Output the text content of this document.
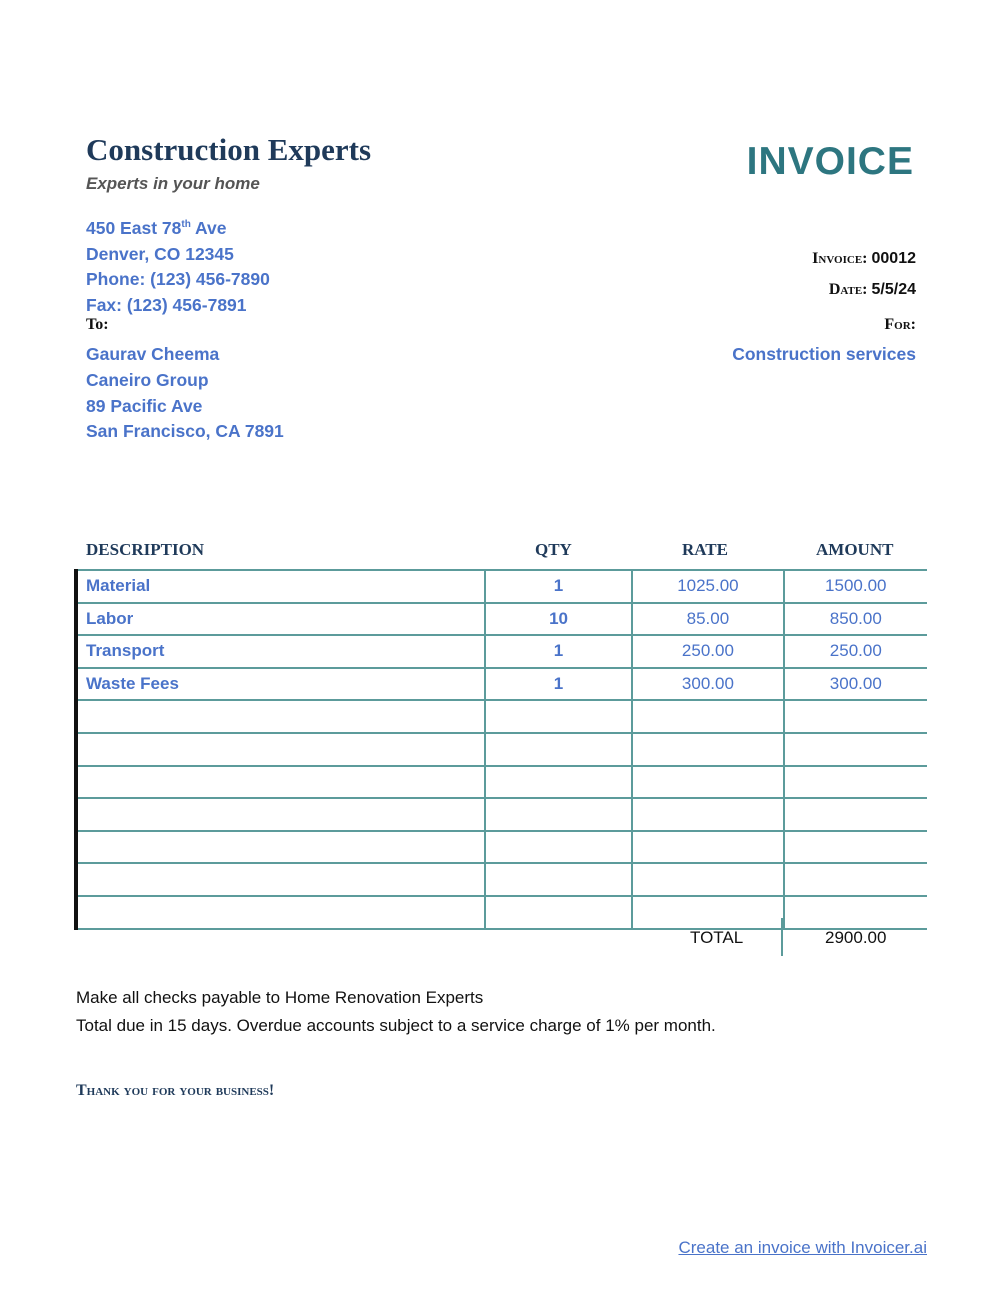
Construction Experts
Experts in your home
INVOICE
450 East 78th Ave
Denver, CO 12345
Phone: (123) 456-7890
Fax: (123) 456-7891
Invoice: 00012
Date: 5/5/24
For:
Construction services
To:
Gaurav Cheema
Caneiro Group
89 Pacific Ave
San Francisco, CA 7891
DESCRIPTION	QTY	RATE	AMOUNT
Material	1	1025.00	1500.00
Labor	10	85.00	850.00
Transport	1	250.00	250.00
Waste Fees	1	300.00	300.00

TOTAL	2900.00
Make all checks payable to Home Renovation Experts
Total due in 15 days. Overdue accounts subject to a service charge of 1% per month.
Thank you for your business!
Create an invoice with Invoicer.ai
